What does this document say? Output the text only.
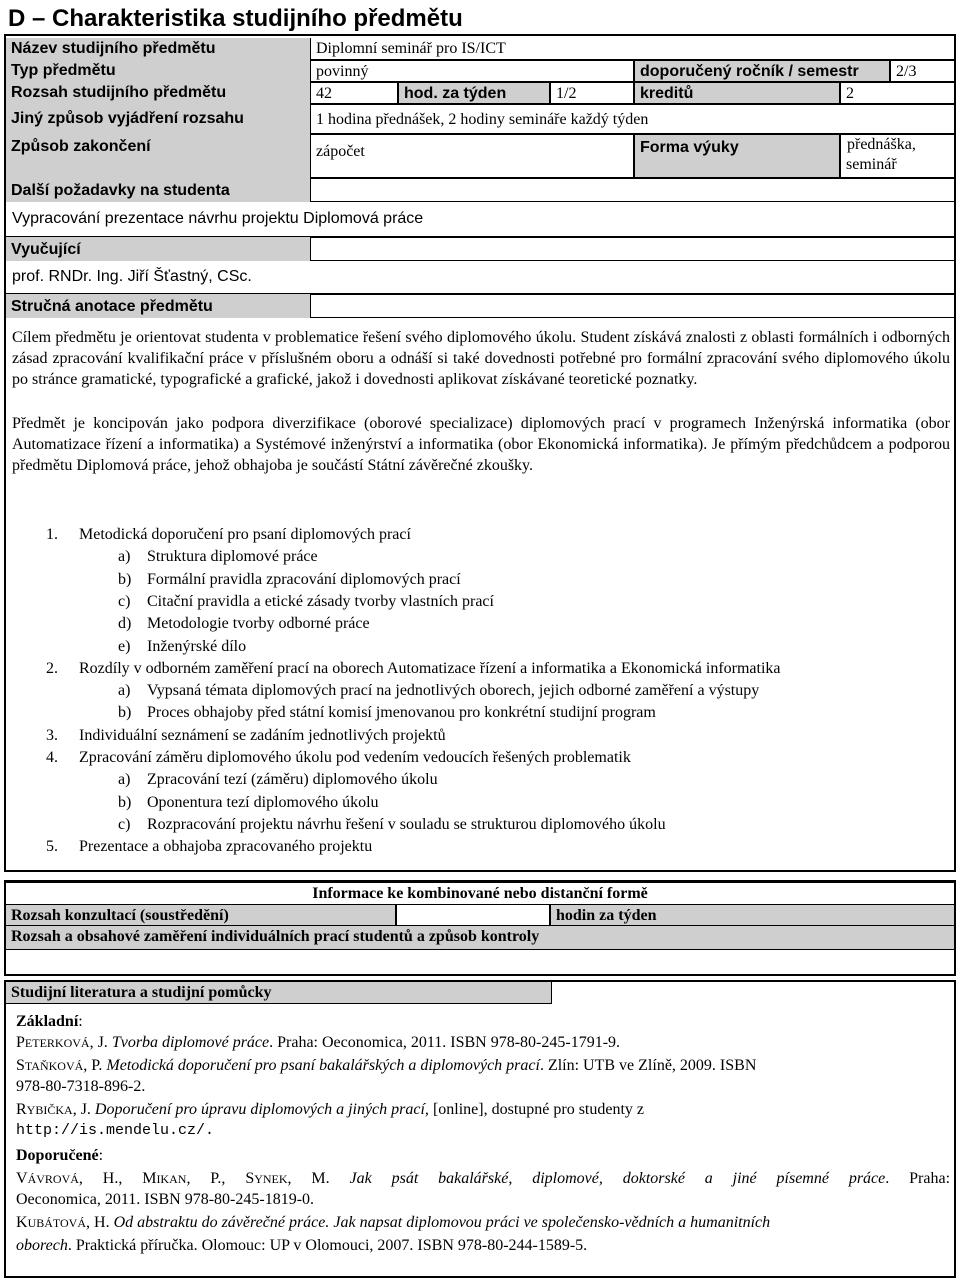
D – Charakteristika studijního předmětu
Název studijního předmětu	Diplomní seminář pro IS/ICT
Typ předmětu	povinný	doporučený ročník / semestr	2/3
Rozsah studijního předmětu	42	hod. za týden	1/2	kreditů	2
Jiný způsob vyjádření rozsahu	1 hodina přednášek, 2 hodiny semináře každý týden
Způsob zakončení	zápočet	Forma výuky	přednáška,
seminář
Další požadavky na studenta
Vypracování prezentace návrhu projektu Diplomová práce
Vyučující
prof. RNDr. Ing. Jiří Šťastný, CSc.
Stručná anotace předmětu
Cílem předmětu je orientovat studenta v problematice řešení svého diplomového úkolu. Student získává znalosti z oblasti formálních i odborných zásad zpracování kvalifikační práce v příslušném oboru a odnáší si také dovednosti potřebné pro formální zpracování svého diplomového úkolu po stránce gramatické, typografické a grafické, jakož i dovednosti aplikovat získávané teoretické poznatky.
Předmět je koncipován jako podpora diverzifikace (oborové specializace) diplomových prací v programech Inženýrská informatika (obor Automatizace řízení a informatika) a Systémové inženýrství a informatika (obor Ekonomická informatika). Je přímým předchůdcem a podporou předmětu Diplomová práce, jehož obhajoba je součástí Státní závěrečné zkoušky.
1. Metodická doporučení pro psaní diplomových prací
a) Struktura diplomové práce
b) Formální pravidla zpracování diplomových prací
c) Citační pravidla a etické zásady tvorby vlastních prací
d) Metodologie tvorby odborné práce
e) Inženýrské dílo
2. Rozdíly v odborném zaměření prací na oborech Automatizace řízení a informatika a Ekonomická informatika
a) Vypsaná témata diplomových prací na jednotlivých oborech, jejich odborné zaměření a výstupy
b) Proces obhajoby před státní komisí jmenovanou pro konkrétní studijní program
3. Individuální seznámení se zadáním jednotlivých projektů
4. Zpracování záměru diplomového úkolu pod vedením vedoucích řešených problematik
a) Zpracování tezí (záměru) diplomového úkolu
b) Oponentura tezí diplomového úkolu
c) Rozpracování projektu návrhu řešení v souladu se strukturou diplomového úkolu
5. Prezentace a obhajoba zpracovaného projektu
Informace ke kombinované nebo distanční formě
Rozsah konzultací (soustředění)	hodin za týden
Rozsah a obsahové zaměření individuálních prací studentů a způsob kontroly
Studijní literatura a studijní pomůcky
Základní:
PETERKOVÁ, J. Tvorba diplomové práce. Praha: Oeconomica, 2011. ISBN 978-80-245-1791-9.
STAŇKOVÁ, P. Metodická doporučení pro psaní bakalářských a diplomových prací. Zlín: UTB ve Zlíně, 2009. ISBN
978-80-7318-896-2.
RYBIČKA, J. Doporučení pro úpravu diplomových a jiných prací, [online], dostupné pro studenty z
http://is.mendelu.cz/.
Doporučené:
VÁVROVÁ, H., MIKAN, P., SYNEK, M. Jak psát bakalářské, diplomové, doktorské a jiné písemné práce. Praha:
Oeconomica, 2011. ISBN 978-80-245-1819-0.
KUBÁTOVÁ, H. Od abstraktu do závěrečné práce. Jak napsat diplomovou práci ve společensko-vědních a humanitních
oborech. Praktická příručka. Olomouc: UP v Olomouci, 2007. ISBN 978-80-244-1589-5.
